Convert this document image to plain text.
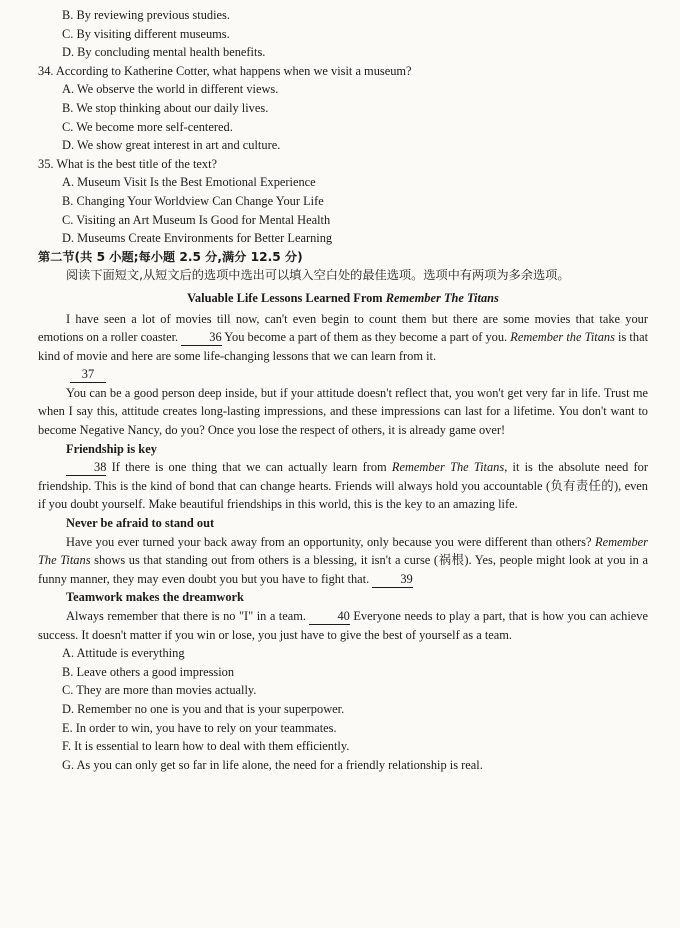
B. By reviewing previous studies.
C. By visiting different museums.
D. By concluding mental health benefits.
34. According to Katherine Cotter, what happens when we visit a museum?
A. We observe the world in different views.
B. We stop thinking about our daily lives.
C. We become more self-centered.
D. We show great interest in art and culture.
35. What is the best title of the text?
A. Museum Visit Is the Best Emotional Experience
B. Changing Your Worldview Can Change Your Life
C. Visiting an Art Museum Is Good for Mental Health
D. Museums Create Environments for Better Learning
第二节(共 5 小题;每小题 2.5 分,满分 12.5 分)

阅读下面短文,从短文后的选项中选出可以填入空白处的最佳选项。选项中有两项为多余选项。

Valuable Life Lessons Learned From Remember The Titans

I have seen a lot of movies till now, can't even begin to count them but there are some movies that take your emotions on a roller coaster. 36 You become a part of them as they become a part of you. Remember the Titans is that kind of movie and here are some life-changing lessons that we can learn from it.

37

You can be a good person deep inside, but if your attitude doesn't reflect that, you won't get very far in life. Trust me when I say this, attitude creates long-lasting impressions, and these impressions can last for a lifetime. You don't want to become Negative Nancy, do you? Once you lose the respect of others, it is already game over!

Friendship is key

38 If there is one thing that we can actually learn from Remember The Titans, it is the absolute need for friendship. This is the kind of bond that can change hearts. Friends will always hold you accountable (负有责任的), even if you doubt yourself. Make beautiful friendships in this world, this is the key to an amazing life.

Never be afraid to stand out

Have you ever turned your back away from an opportunity, only because you were different than others? Remember The Titans shows us that standing out from others is a blessing, it isn't a curse (祸根). Yes, people might look at you in a funny manner, they may even doubt you but you have to fight that. 39

Teamwork makes the dreamwork

Always remember that there is no "I" in a team. 40 Everyone needs to play a part, that is how you can achieve success. It doesn't matter if you win or lose, you just have to give the best of yourself as a team.

A. Attitude is everything
B. Leave others a good impression
C. They are more than movies actually.
D. Remember no one is you and that is your superpower.
E. In order to win, you have to rely on your teammates.
F. It is essential to learn how to deal with them efficiently.
G. As you can only get so far in life alone, the need for a friendly relationship is real.
